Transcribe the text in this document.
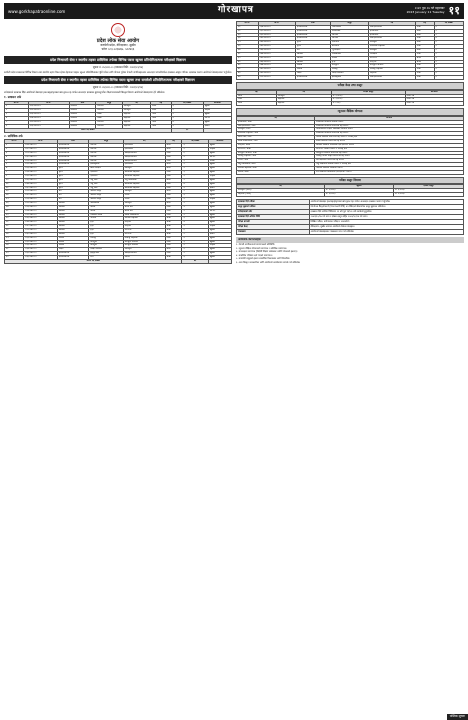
www.gorkhapatraonline.com	गोरखापत्र	२०७९ पुस २७ गते मङ्गलबार
2023 January 11 Tuesday ११
प्रदेश लोक सेवा आयोग
कर्णाली प्रदेश, वीरेन्द्रनगर, सुर्खेत
फोनः ०८३-५२३७६७, ५२२४६६
प्रदेश निजामती सेवा र स्थानीय तहका प्राविधिक तर्फका विभिन्न पदमा खुल्ला प्रतियोगितात्मक परीक्षाको विज्ञापन
सूचना नं. ४५/०७९-८० (प्रकाशन मिति: २०७९/०९/२७)
कर्णाली प्रदेश सरकारका विभिन्न निकाय तथा स्थानीय तहमा रिक्त रहेका देहायका पदहरू खुल्ला प्रतियोगिताबाट पूर्ति गर्नका लागि योग्यता पुगेका नेपाली नागरिकहरूबाट अनलाइन प्रणालीमार्फत दरखास्त आह्वान गरिन्छ। दरखास्त फाराम आयोगको वेबसाइटबाट भर्नुपर्नेछ।
प्रदेश निजामती सेवा र स्थानीय तहका प्राविधिक तर्फका विभिन्न पदमा खुल्ला तथा समावेशी प्रतियोगितात्मक परीक्षाको विज्ञापन
सूचना नं. ४६/०७९-८० (प्रकाशन मिति: २०७९/०९/२७)
उम्मेदवारले दरखास्त दिँदा आयोगको वेबसाइट pscapply.karnali.gov.np मार्फत अनलाइन दरखास्त बुझाउनुपर्नेछ। विज्ञापनसम्बन्धी विस्तृत विवरण आयोगको वेबसाइटमा हेर्न सकिनेछ।
१. प्रशासन तर्फ
सि.नं.	वि.नं.	सेवा	समूह	पद	तह	पद संख्या	कैफियत
१	२०१-०७९-८०	प्रशासन	सामान्य	अधिकृत	सातौं	३	खुल्ला
२	२०२-०७९-८०	प्रशासन	सामान्य	अधिकृत	सातौं	१	महिला
३	२०३-०७९-८०	प्रशासन	लेखा	सहायक	पाँचौं	२	खुल्ला
४	२०४-०७९-८०	प्रशासन	लेखा	सहायक	पाँचौं	१	आ.ज.
५	२०५-०७९-८०	प्रशासन	सामान्य	सहायक	पाँचौं	४	खुल्ला
६	२०६-०७९-८०	प्रशासन	सामान्य	सहायक	पाँचौं	१	दलित
जम्मा पद संख्या						१२	
२. प्राविधिक तर्फ
सि.नं.	वि.नं.	सेवा	समूह	पद	तह	पद संख्या	कैफियत
१	२०७-०७९-८०	इन्जिनियरिङ	सिभिल	इन्जिनियर	सातौं	३	खुल्ला
२	२०८-०७९-८०	इन्जिनियरिङ	सिभिल	इन्जिनियर	सातौं	१	महिला
३	२०९-०७९-८०	इन्जिनियरिङ	सिभिल	सब-इन्जिनियर	पाँचौं	६	खुल्ला
४	२१०-०७९-८०	इन्जिनियरिङ	सिभिल	सब-इन्जिनियर	पाँचौं	२	आ.ज.
५	२११-०७९-८०	इन्जिनियरिङ	सिभिल	सब-इन्जिनियर	पाँचौं	१	मधेशी
६	२१२-०७९-८०	इन्जिनियरिङ	इलेक्ट्रिकल	इन्जिनियर	सातौं	१	खुल्ला
७	२१३-०७९-८०	कृषि	बाली संरक्षण	अधिकृत	सातौं	२	खुल्ला
८	२१४-०७९-८०	कृषि	एग्रोनोमी	प्राविधिक सहायक	पाँचौं	३	खुल्ला
९	२१५-०७९-८०	कृषि	एग्रोनोमी	प्राविधिक सहायक	पाँचौं	१	महिला
१०	२१६-०७९-८०	कृषि	पशु सेवा	पशु चिकित्सक	सातौं	२	खुल्ला
११	२१७-०७९-८०	कृषि	पशु सेवा	प्राविधिक सहायक	पाँचौं	४	खुल्ला
१२	२१८-०७९-८०	कृषि	पशु सेवा	प्राविधिक सहायक	पाँचौं	१	दलित
१३	२१९-०७९-८०	वन	जनरल फरेष्ट्री	अधिकृत	सातौं	२	खुल्ला
१४	२२०-०७९-८०	वन	जनरल फरेष्ट्री	रेञ्जर	पाँचौं	३	खुल्ला
१५	२२१-०७९-८०	वन	जनरल फरेष्ट्री	रेञ्जर	पाँचौं	१	महिला
१६	२२२-०७९-८०	स्वास्थ्य	जनस्वास्थ्य	अधिकृत	सातौं	२	खुल्ला
१७	२२३-०७९-८०	स्वास्थ्य	नर्सिङ	स्टाफ नर्स	पाँचौं	५	खुल्ला
१८	२२४-०७९-८०	स्वास्थ्य	नर्सिङ	स्टाफ नर्स	पाँचौं	२	आ.ज.
१९	२२५-०७९-८०	स्वास्थ्य	मेडिकल ल्याब	ल्याब टेक्निसियन	पाँचौं	२	खुल्ला
२०	२२६-०७९-८०	स्वास्थ्य	फार्मेसी	फार्मेसी सहायक	चौथो	३	खुल्ला
२१	२२७-०७९-८०	स्वास्थ्य	हे.ई.	अ.हे.ब.	चौथो	४	खुल्ला
२२	२२८-०७९-८०	स्वास्थ्य	हे.ई.	अ.हे.ब.	चौथो	१	महिला
२३	२२९-०७९-८०	स्वास्थ्य	हे.ई.	अ.न.मी.	चौथो	६	खुल्ला
२४	२३०-०७९-८०	स्वास्थ्य	हे.ई.	अ.न.मी.	चौथो	२	दलित
२५	२३१-०७९-८०	विविध	तथ्याङ्क	तथ्याङ्क सहायक	पाँचौं	१	खुल्ला
२६	२३२-०७९-८०	विविध	कम्प्युटर	कम्प्युटर अपरेटर	पाँचौं	३	खुल्ला
२७	२३३-०७९-८०	विविध	कम्प्युटर	कम्प्युटर अपरेटर	पाँचौं	१	महिला
२८	२३४-०७९-८०	शिक्षा	शिक्षा प्रशासन	अधिकृत	सातौं	१	खुल्ला
२९	२३५-०७९-८०	इन्जिनियरिङ	हाइड्रोपावर	सब-इन्जिनियर	पाँचौं	२	खुल्ला
३०	२३६-०७९-८०	इन्जिनियरिङ	सर्भे	अमिन	चौथो	३	खुल्ला
जम्मा पद संख्या						७१	
सि.नं.	वि.नं.	सेवा	समूह	पद	तह	पद संख्या
३१	२३७-०७९-८०	इन्जिनियरिङ	मेकानिकल	सब-इन्जिनियर	पाँचौं	१
३२	२३८-०७९-८०	इन्जिनियरिङ	आर्किटेक्ट	इन्जिनियर	सातौं	१
३३	२३९-०७९-८०	इन्जिनियरिङ	सिभिल	इन्जिनियर	सातौं	२
३४	२४०-०७९-८०	इन्जिनियरिङ	सिभिल	सब-इन्जिनियर	पाँचौं	४
३५	२४१-०७९-८०	कृषि	एग्रोनोमी	अधिकृत	सातौं	१
३६	२४२-०७९-८०	कृषि	बागवानी	प्राविधिक सहायक	पाँचौं	२
३७	२४३-०७९-८०	वन	भू-संरक्षण	अधिकृत	सातौं	१
३८	२४४-०७९-८०	स्वास्थ्य	जनस्वास्थ्य	निरीक्षक	पाँचौं	२
३९	२४५-०७९-८०	स्वास्थ्य	नर्सिङ	अ.न.मी.	चौथो	३
४०	२४६-०७९-८०	स्वास्थ्य	हे.ई.	अ.हे.ब.	चौथो	२
४१	२४७-०७९-८०	विविध	कम्प्युटर	कम्प्युटर अपरेटर	पाँचौं	२
४२	२४८-०७९-८०	विविध	तथ्याङ्क	तथ्याङ्क सहायक	पाँचौं	१
४३	२४९-०७९-८०	शिक्षा	शिक्षा प्रशासन	सहायक	पाँचौं	१
४४	२५०-०७९-८०	इन्जिनियरिङ	इलेक्ट्रिकल	सब-इन्जिनियर	पाँचौं	१
परीक्षा केन्द्र तथा दस्तुर
तह	पद	परीक्षा दस्तुर	कैफियत
सातौं	अधिकृत	रु. १,५००/-	प्रथम पत्र
पाँचौं	सहायक	रु. १,०००/-	प्रथम पत्र
चौथो	सहायक	रु. ८००/-	प्रथम पत्र
न्यूनतम शैक्षिक योग्यता
पद	योग्यता
इन्जिनियर, सातौं	सम्बन्धित विषयमा स्नातक उत्तीर्ण
सब-इन्जिनियर, पाँचौं	सम्बन्धित विषयमा प्रमाणपत्र तह उत्तीर्ण
अधिकृत, सातौं	मान्यताप्राप्त शिक्षण संस्थाबाट स्नातक उत्तीर्ण
प्राविधिक सहायक, पाँचौं	सम्बन्धित विषयमा प्रमाणपत्र तह उत्तीर्ण
स्टाफ नर्स, पाँचौं	नर्सिङ विषयमा प्रमाणपत्र तह उत्तीर्ण र परिषद् दर्ता
ल्याब टेक्निसियन, पाँचौं	ल्याब विषयमा प्रमाणपत्र तह उत्तीर्ण
अ.हे.ब., चौथो	स्वास्थ्य विषयमा प्राविधिक एस.एल.सी. उत्तीर्ण
अ.न.मी., चौथो	अ.न.मी. तालिम उत्तीर्ण र परिषद् दर्ता
कम्प्युटर अपरेटर, पाँचौं	कम्प्युटर विषयमा प्रमाणपत्र तह उत्तीर्ण
तथ्याङ्क सहायक, पाँचौं	तथ्याङ्क विषय सहित प्रमाणपत्र तह उत्तीर्ण
रेञ्जर, पाँचौं	वन विज्ञानमा प्रमाणपत्र तह उत्तीर्ण
पशु चिकित्सक, सातौं	पशु विज्ञानमा स्नातक उत्तीर्ण र परिषद् दर्ता
फार्मेसी सहायक, चौथो	फार्मेसी विषयमा डिप्लोमा उत्तीर्ण
अमिन, चौथो	सर्भे विषयमा प्राविधिक एस.एल.सी. उत्तीर्ण
परीक्षा दस्तुर विवरण
पद	खुल्ला	दोब्बर दस्तुर
अधिकृत (सातौं)	रु. १,५००/-	रु. ३,०००/-
सहायक (पाँचौं)	रु. १,०००/-	रु. २,०००/-
दरखास्त दिने तरिका	आयोगको वेबसाइट pscapply.karnali.gov.np मार्फत अनलाइन दरखास्त फाराम भर्नुपर्नेछ।
दस्तुर बुझाउने तरिका	Online Payment (Connect IPS) वा तोकिएको बैंकमार्फत दस्तुर बुझाउन सकिनेछ।
उम्मेदवारको उमेर	दरखास्त दिने अन्तिम मितिसम्म २१ वर्ष पूरा भई ४० वर्ष ननाघेको हुनुपर्नेछ।
दरखास्त दिने अन्तिम मिति	२०७९/१०/१७ गते सम्म र दोब्बर दस्तुर सहित २०७९/१०/२४ गते सम्म।
परीक्षा प्रणाली	लिखित परीक्षा, प्रयोगात्मक परीक्षा र अन्तर्वार्ता।
परीक्षा केन्द्र	वीरेन्द्रनगर, सुर्खेत लगायत आयोगले तोकेका केन्द्रहरू।
पाठ्यक्रम	आयोगको वेबसाइटबाट पाठ्यक्रम प्राप्त गर्न सकिनेछ।
आवश्यक कागजातहरू
१. नेपाली नागरिकताको प्रमाणपत्रको प्रतिलिपि।
२. न्यूनतम शैक्षिक योग्यताको प्रमाणपत्र र चारित्रिक प्रमाणपत्र।
३. समकक्षता प्रमाणपत्र (विदेशी शिक्षण संस्थाबाट उत्तीर्ण गरेकाको हकमा)।
४. सम्बन्धित परिषद्मा दर्ता भएको प्रमाणपत्र।
५. समावेशी समूहको हकमा सम्बन्धित निकायबाट जारी सिफारिस।
६. अन्य विस्तृत जानकारीका लागि आयोगको कार्यालयमा सम्पर्क गर्न सकिनेछ।
पब्लिक सूचना
